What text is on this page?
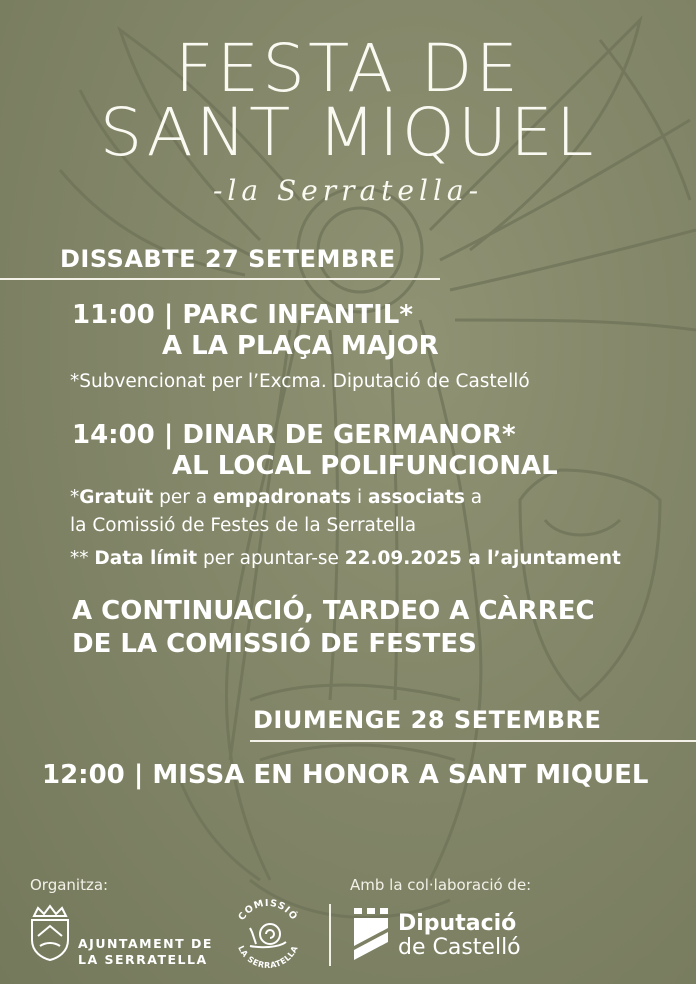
FESTA DE
SANT MIQUEL
-la Serratella-
DISSABTE 27 SETEMBRE
11:00 | PARC INFANTIL*
A LA PLAÇA MAJOR
*Subvencionat per l’Excma. Diputació de Castelló
14:00 | DINAR DE GERMANOR*
AL LOCAL POLIFUNCIONAL
*Gratuït per a empadronats i associats a
la Comissió de Festes de la Serratella
** Data límit per apuntar-se 22.09.2025 a l’ajuntament
A CONTINUACIÓ, TARDEO A CÀRREC
DE LA COMISSIÓ DE FESTES
DIUMENGE 28 SETEMBRE
12:00 | MISSA EN HONOR A SANT MIQUEL
Organitza:	Amb la col·laboració de:
AJUNTAMENT DE
LA SERRATELLA
COMISSIÓ
LA SERRATELLA
Diputació
de Castelló
